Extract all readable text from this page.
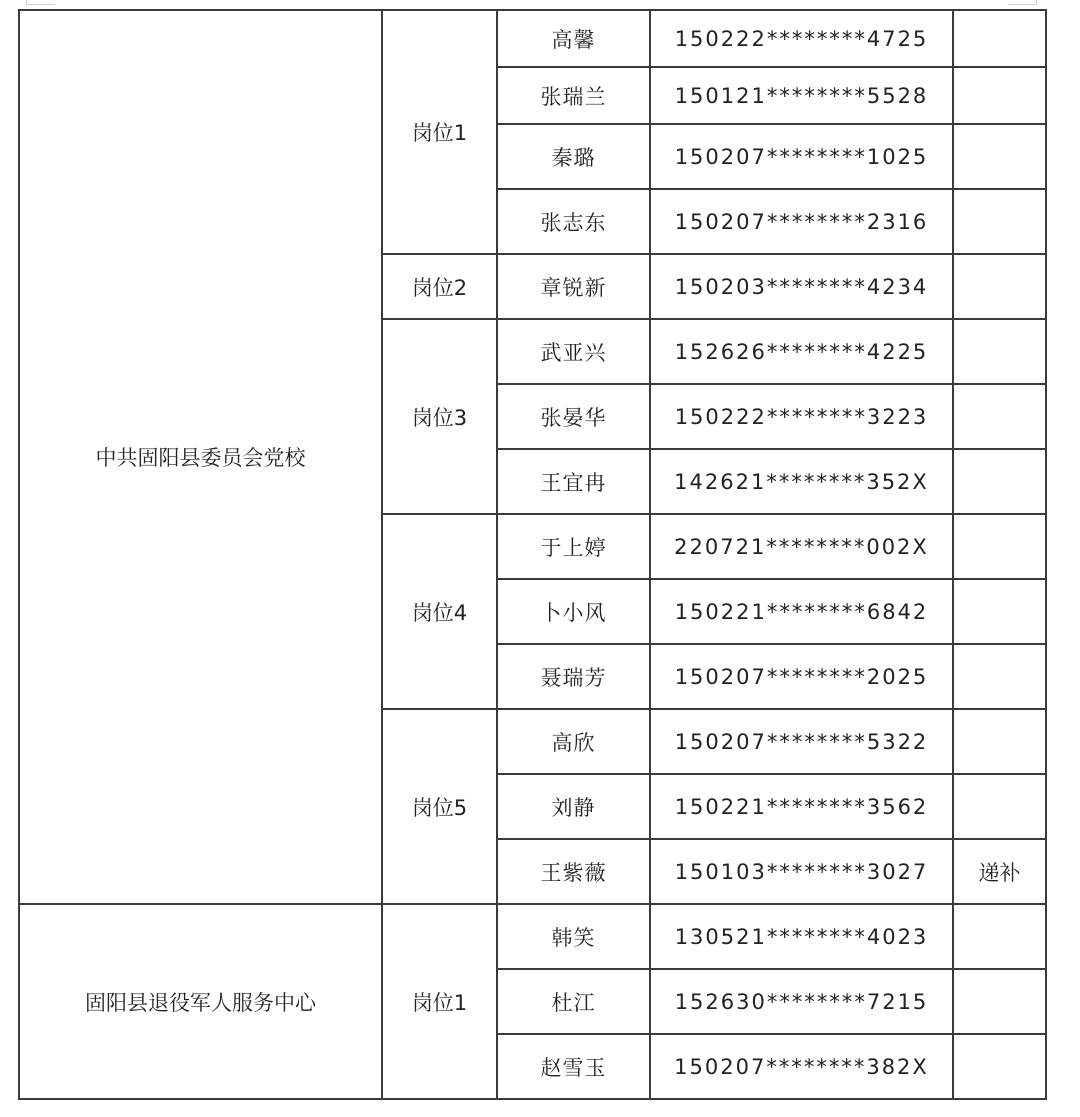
中共固阳县委员会党校	岗位1	高馨	150222********4725	
		张瑞兰	150121********5528	
		秦璐	150207********1025	
		张志东	150207********2316	
	岗位2	章锐新	150203********4234	
	岗位3	武亚兴	152626********4225	
		张晏华	150222********3223	
		王宜冉	142621********352X	
	岗位4	于上婷	220721********002X	
		卜小风	150221********6842	
		聂瑞芳	150207********2025	
	岗位5	高欣	150207********5322	
		刘静	150221********3562	
		王紫薇	150103********3027	递补
固阳县退役军人服务中心	岗位1	韩笑	130521********4023	
		杜江	152630********7215	
		赵雪玉	150207********382X	
